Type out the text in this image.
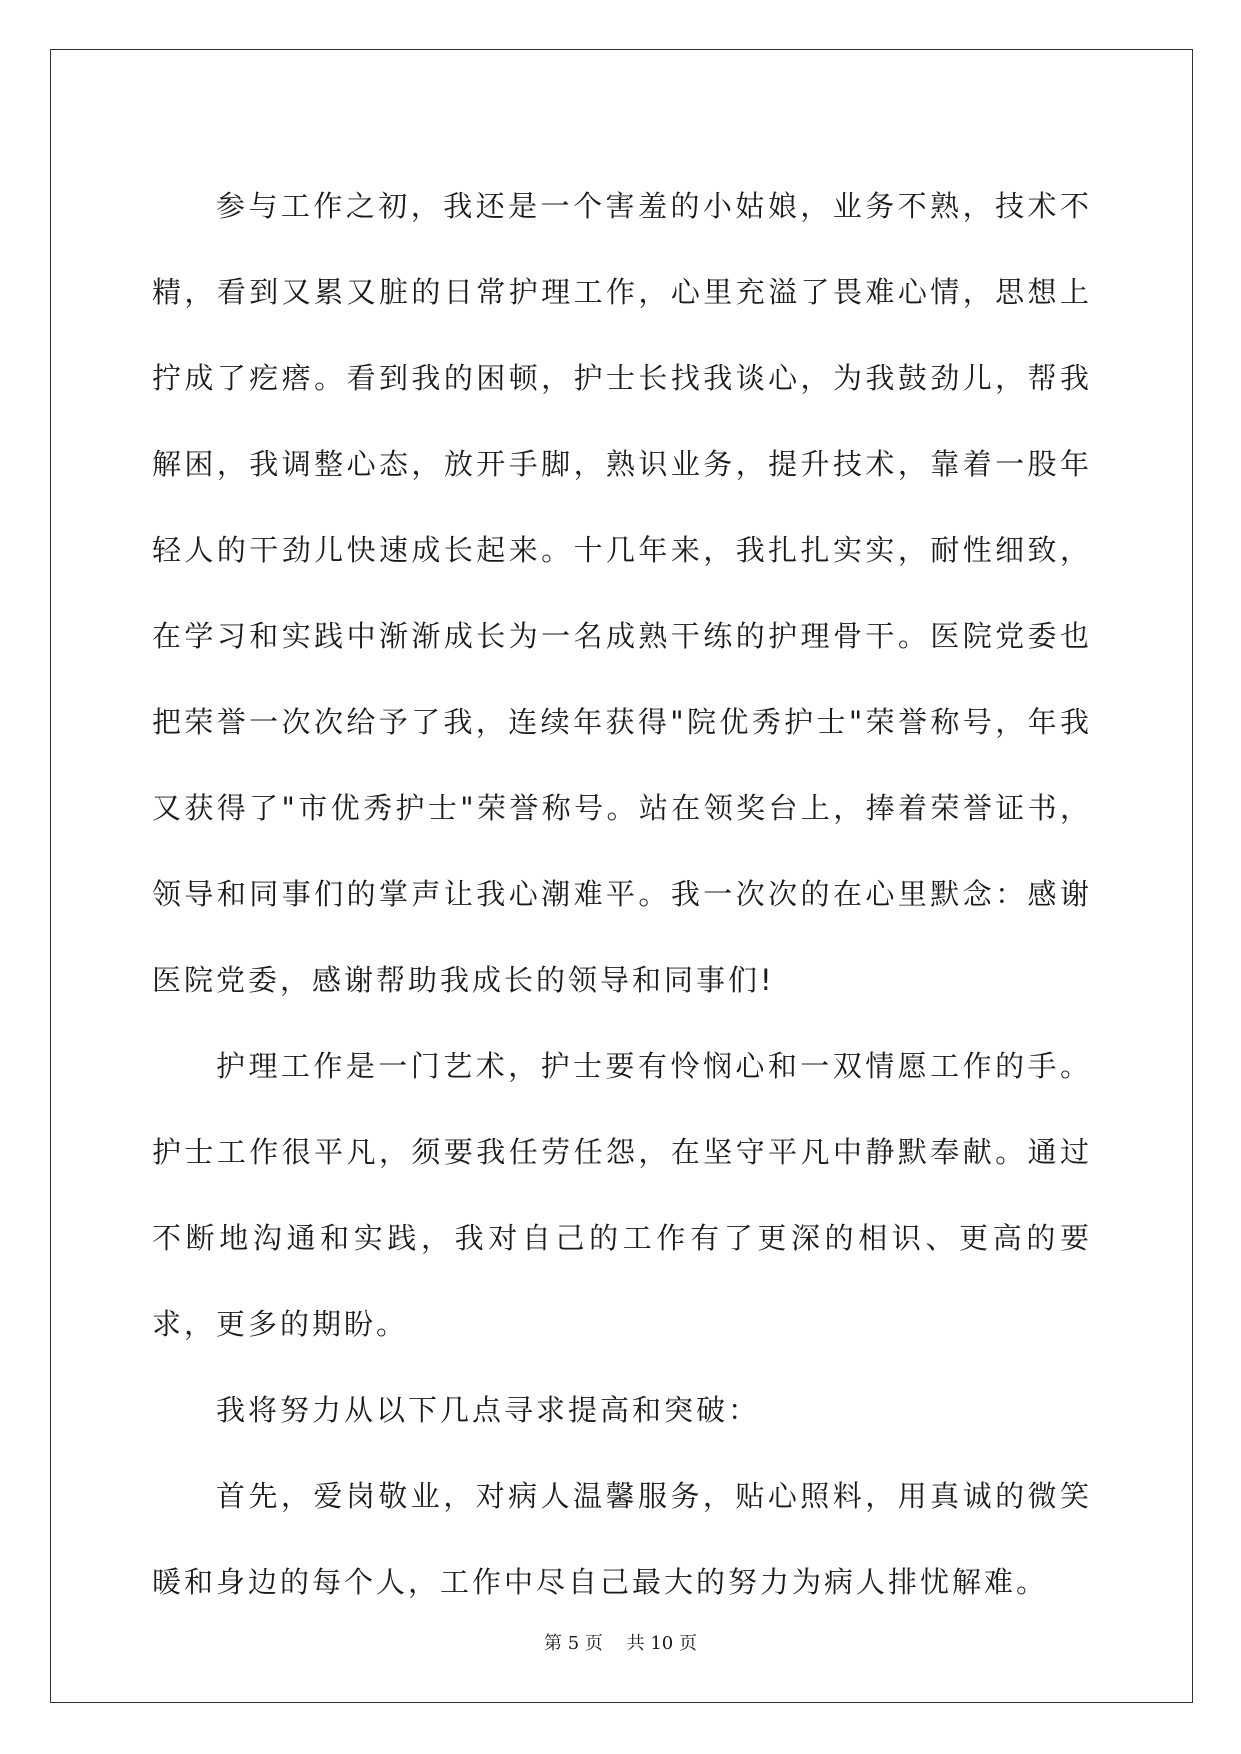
参与工作之初，我还是一个害羞的小姑娘，业务不熟，技术不精，看到又累又脏的日常护理工作，心里充溢了畏难心情，思想上拧成了疙瘩。看到我的困顿，护士长找我谈心，为我鼓劲儿，帮我解困，我调整心态，放开手脚，熟识业务，提升技术，靠着一股年轻人的干劲儿快速成长起来。十几年来，我扎扎实实，耐性细致，在学习和实践中渐渐成长为一名成熟干练的护理骨干。医院党委也把荣誉一次次给予了我，连续年获得"院优秀护士"荣誉称号，年我又获得了"市优秀护士"荣誉称号。站在领奖台上，捧着荣誉证书，领导和同事们的掌声让我心潮难平。我一次次的在心里默念：感谢医院党委，感谢帮助我成长的领导和同事们!

护理工作是一门艺术，护士要有怜悯心和一双情愿工作的手。护士工作很平凡，须要我任劳任怨，在坚守平凡中静默奉献。通过不断地沟通和实践，我对自己的工作有了更深的相识、更高的要求，更多的期盼。

我将努力从以下几点寻求提高和突破：

首先，爱岗敬业，对病人温馨服务，贴心照料，用真诚的微笑暖和身边的每个人，工作中尽自己最大的努力为病人排忧解难。

第 5 页　 共 10 页
